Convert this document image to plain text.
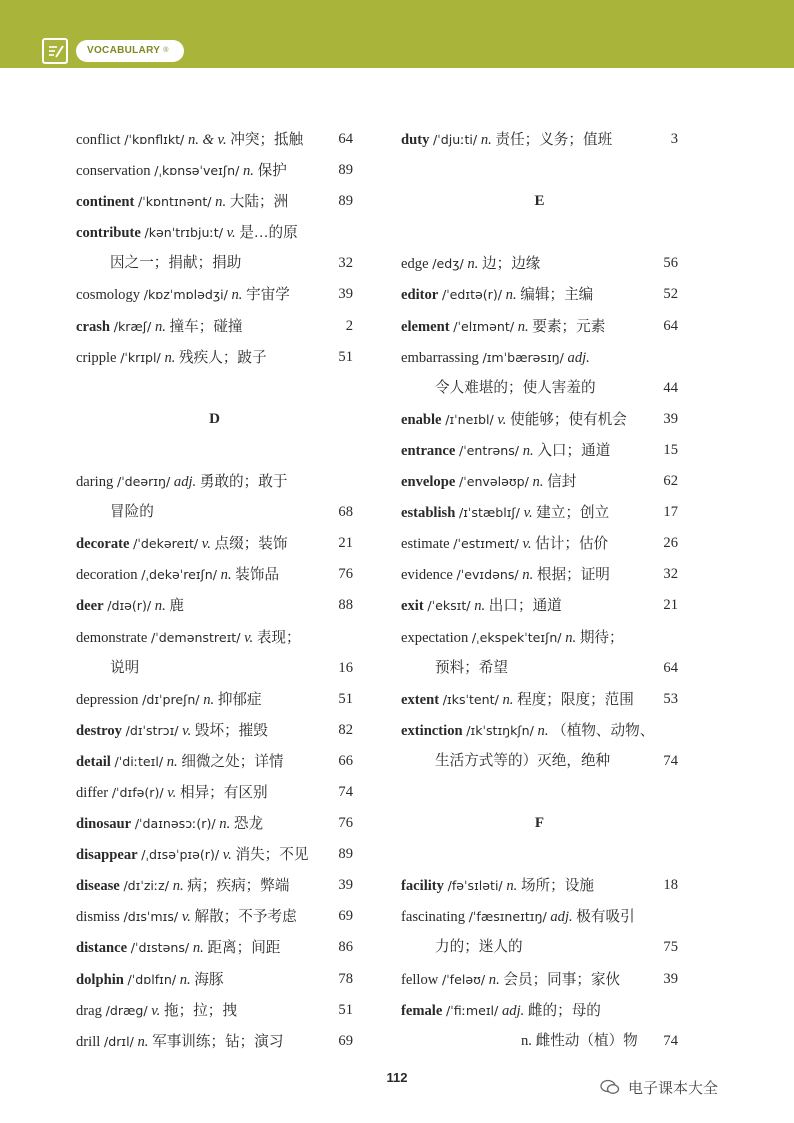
VOCABULARY ®
conflict /ˈkɒnflɪkt/ n. & v. 冲突；抵触 64
conservation /ˌkɒnsəˈveɪʃn/ n. 保护	89
continent /ˈkɒntɪnənt/ n. 大陆；洲	89
contribute /kənˈtrɪbjuːt/ v. 是…的原
因之一；捐献；捐助	32
cosmology /kɒzˈmɒlədʒi/ n. 宇宙学	39
crash /kræʃ/ n. 撞车；碰撞	2
cripple /ˈkrɪpl/ n. 残疾人；跛子	51
D
daring /ˈdeərɪŋ/ adj. 勇敢的；敢于
冒险的	68
decorate /ˈdekəreɪt/ v. 点缀；装饰	21
decoration /ˌdekəˈreɪʃn/ n. 装饰品	76
deer /dɪə(r)/ n. 鹿	88
demonstrate /ˈdemənstreɪt/ v. 表现；
说明	16
depression /dɪˈpreʃn/ n. 抑郁症	51
destroy /dɪˈstrɔɪ/ v. 毁坏；摧毁	82
detail /ˈdiːteɪl/ n. 细微之处；详情	66
differ /ˈdɪfə(r)/ v. 相异；有区别	74
dinosaur /ˈdaɪnəsɔː(r)/ n. 恐龙	76
disappear /ˌdɪsəˈpɪə(r)/ v. 消失；不见 89
disease /dɪˈziːz/ n. 病；疾病；弊端	39
dismiss /dɪsˈmɪs/ v. 解散；不予考虑	69
distance /ˈdɪstəns/ n. 距离；间距	86
dolphin /ˈdɒlfɪn/ n. 海豚	78
drag /dræg/ v. 拖；拉；拽	51
drill /drɪl/ n. 军事训练；钻；演习	69
duty /ˈdjuːti/ n. 责任；义务；值班	3
E
edge /edʒ/ n. 边；边缘	56
editor /ˈedɪtə(r)/ n. 编辑；主编	52
element /ˈelɪmənt/ n. 要素；元素	64
embarrassing /ɪmˈbærəsɪŋ/ adj.
令人难堪的；使人害羞的	44
enable /ɪˈneɪbl/ v. 使能够；使有机会	39
entrance /ˈentrəns/ n. 入口；通道	15
envelope /ˈenvələʊp/ n. 信封	62
establish /ɪˈstæblɪʃ/ v. 建立；创立	17
estimate /ˈestɪmeɪt/ v. 估计；估价	26
evidence /ˈevɪdəns/ n. 根据；证明	32
exit /ˈeksɪt/ n. 出口；通道	21
expectation /ˌekspekˈteɪʃn/ n. 期待；
预料；希望	64
extent /ɪksˈtent/ n. 程度；限度；范围 53
extinction /ɪkˈstɪŋkʃn/ n. （植物、动物、
生活方式等的）灭绝，绝种	74
F
facility /fəˈsɪləti/ n. 场所；设施	18
fascinating /ˈfæsɪneɪtɪŋ/ adj. 极有吸引
力的；迷人的	75
fellow /ˈfeləʊ/ n. 会员；同事；家伙	39
female /ˈfiːmeɪl/ adj. 雌的；母的
n. 雌性动（植）物 74
112
电子课本大全
